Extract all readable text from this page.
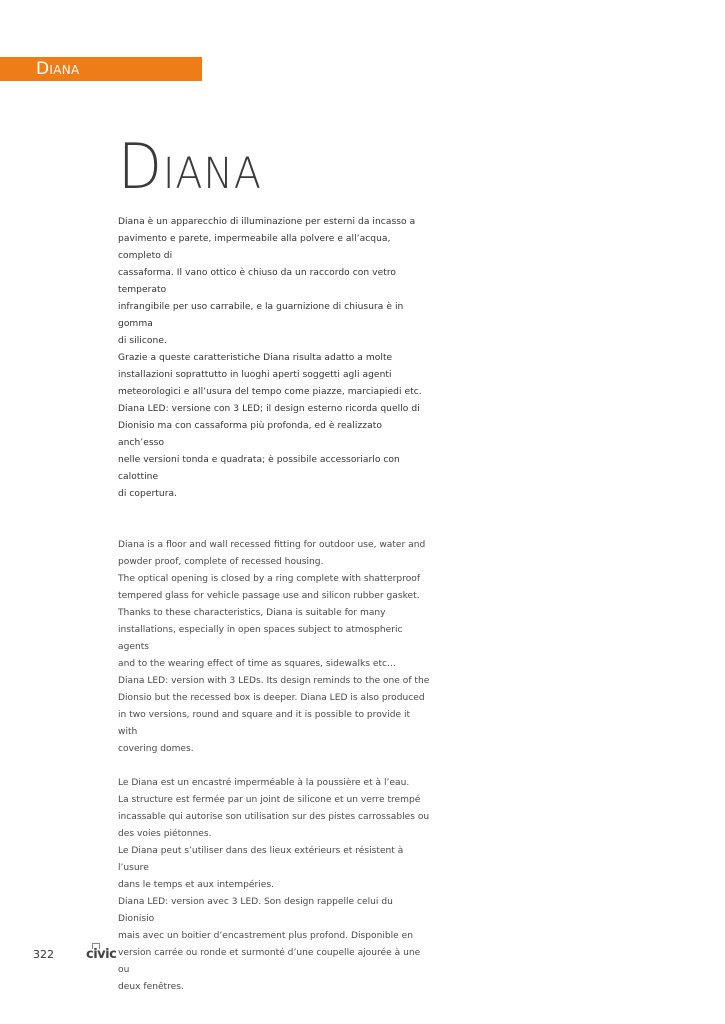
Diana
Diana

Diana è un apparecchio di illuminazione per esterni da incasso a

pavimento e parete, impermeabile alla polvere e all’acqua, completo di

cassaforma. Il vano ottico è chiuso da un raccordo con vetro temperato

infrangibile per uso carrabile, e la guarnizione di chiusura è in gomma

di silicone.

Grazie a queste caratteristiche Diana risulta adatto a molte

installazioni soprattutto in luoghi aperti soggetti agli agenti

meteorologici e all’usura del tempo come piazze, marciapiedi etc.

Diana LED: versione con 3 LED; il design esterno ricorda quello di

Dionisio ma con cassaforma più profonda, ed è realizzato anch’esso

nelle versioni tonda e quadrata; è possibile accessoriarlo con calottine

di copertura.

Diana is a floor and wall recessed fitting for outdoor use, water and

powder proof, complete of recessed housing.

The optical opening is closed by a ring complete with shatterproof

tempered glass for vehicle passage use and silicon rubber gasket.

Thanks to these characteristics, Diana is suitable for many

installations, especially in open spaces subject to atmospheric agents

and to the wearing effect of time as squares, sidewalks etc...

Diana LED: version with 3 LEDs. Its design reminds to the one of the

Dionsio but the recessed box is deeper. Diana LED is also produced

in two versions, round and square and it is possible to provide it with

covering domes.

Le Diana est un encastré imperméable à la poussière et à l’eau.

La structure est fermée par un joint de silicone et un verre trempé

incassable qui autorise son utilisation sur des pistes carrossables ou

des voies piétonnes.

Le Diana peut s’utiliser dans des lieux extérieurs et résistent à l’usure

dans le temps et aux intempéries.

Diana LED: version avec 3 LED. Son design rappelle celui du Dionisio

mais avec un boitier d’encastrement plus profond. Disponible en

version carrée ou ronde et surmonté d’une coupelle ajourée à une ou

deux fenêtres.

322 civic
